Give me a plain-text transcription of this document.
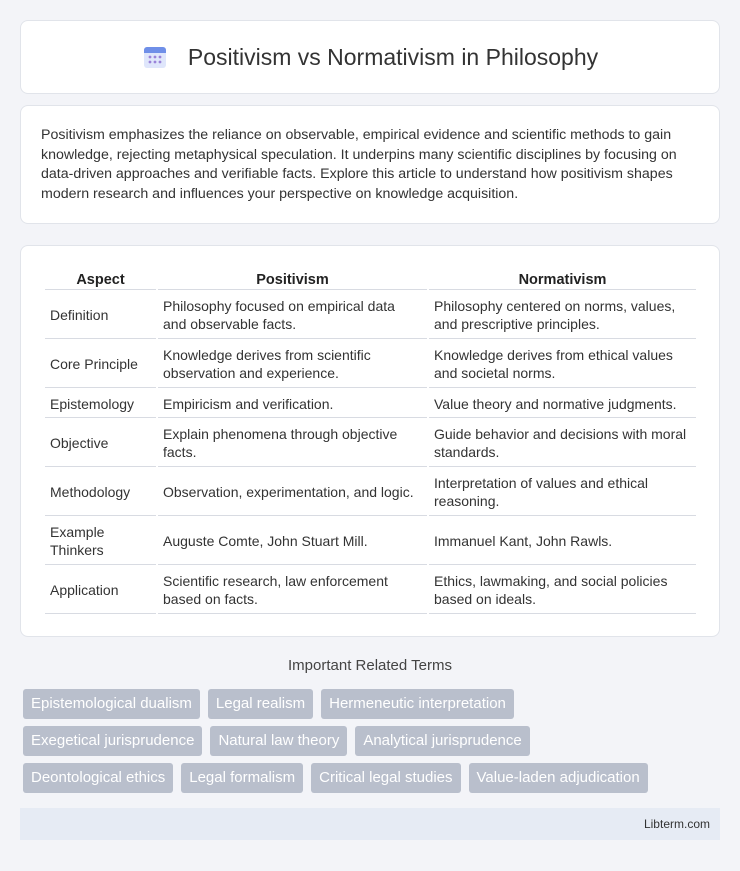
Positivism vs Normativism in Philosophy

Positivism emphasizes the reliance on observable, empirical evidence and scientific methods to gain knowledge, rejecting metaphysical speculation. It underpins many scientific disciplines by focusing on data-driven approaches and verifiable facts. Explore this article to understand how positivism shapes modern research and influences your perspective on knowledge acquisition.

Aspect	Positivism	Normativism
Definition	Philosophy focused on empirical data and observable facts.	Philosophy centered on norms, values, and prescriptive principles.
Core Principle	Knowledge derives from scientific observation and experience.	Knowledge derives from ethical values and societal norms.
Epistemology	Empiricism and verification.	Value theory and normative judgments.
Objective	Explain phenomena through objective facts.	Guide behavior and decisions with moral standards.
Methodology	Observation, experimentation, and logic.	Interpretation of values and ethical reasoning.
Example Thinkers	Auguste Comte, John Stuart Mill.	Immanuel Kant, John Rawls.
Application	Scientific research, law enforcement based on facts.	Ethics, lawmaking, and social policies based on ideals.
Important Related Terms
Epistemological dualism	Legal realism	Hermeneutic interpretation
Exegetical jurisprudence	Natural law theory	Analytical jurisprudence
Deontological ethics	Legal formalism	Critical legal studies	Value-laden adjudication
Libterm.com
